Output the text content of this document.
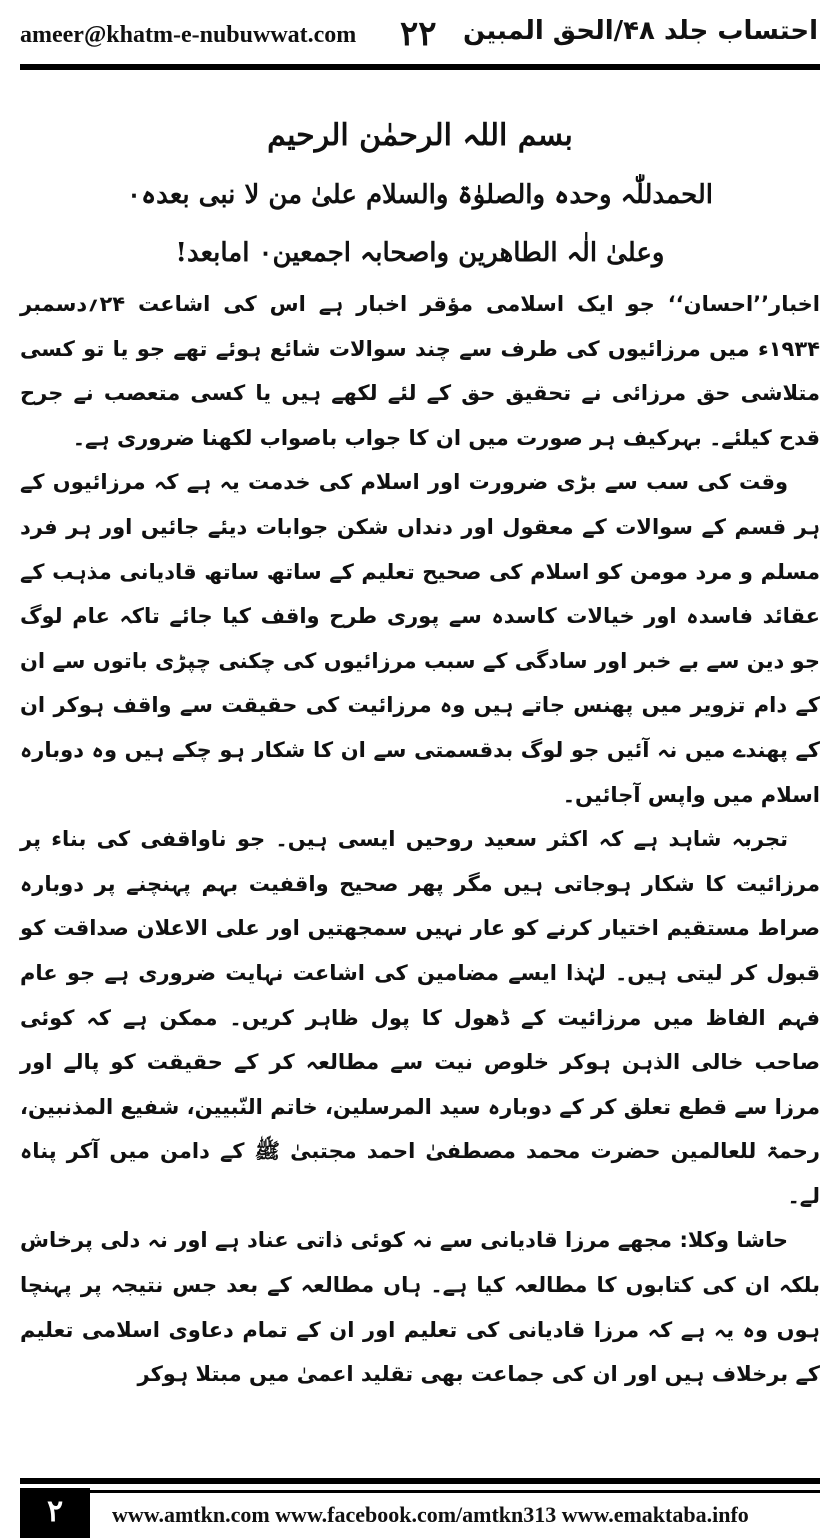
ameer@khatm-e-nubuwwat.com ۲۲ احتساب جلد ۴۸/الحق المبین
بسم اللہ الرحمٰن الرحیم
الحمدللّٰہ وحدہ والصلوٰۃ والسلام علیٰ من لا نبی بعدہ۰
وعلیٰ الٰہ الطاھرین واصحابہ اجمعین۰ امابعد!

اخبار’’احسان‘‘ جو ایک اسلامی مؤقر اخبار ہے اس کی اشاعت ۲۴؍دسمبر ۱۹۳۴ء میں مرزائیوں کی طرف سے چند سوالات شائع ہوئے تھے جو یا تو کسی متلاشی حق مرزائی نے تحقیق حق کے لئے لکھے ہیں یا کسی متعصب نے جرح قدح کیلئے۔ بہرکیف ہر صورت میں ان کا جواب باصواب لکھنا ضروری ہے۔

وقت کی سب سے بڑی ضرورت اور اسلام کی خدمت یہ ہے کہ مرزائیوں کے ہر قسم کے سوالات کے معقول اور دنداں شکن جوابات دیئے جائیں اور ہر فرد مسلم و مرد مومن کو اسلام کی صحیح تعلیم کے ساتھ ساتھ قادیانی مذہب کے عقائد فاسدہ اور خیالات کاسدہ سے پوری طرح واقف کیا جائے تاکہ عام لوگ جو دین سے بے خبر اور سادگی کے سبب مرزائیوں کی چکنی چپڑی باتوں سے ان کے دام تزویر میں پھنس جاتے ہیں وہ مرزائیت کی حقیقت سے واقف ہوکر ان کے پھندے میں نہ آئیں جو لوگ بدقسمتی سے ان کا شکار ہو چکے ہیں وہ دوبارہ اسلام میں واپس آجائیں۔

تجربہ شاہد ہے کہ اکثر سعید روحیں ایسی ہیں۔ جو ناواقفی کی بناء پر مرزائیت کا شکار ہوجاتی ہیں مگر پھر صحیح واقفیت بہم پہنچنے پر دوبارہ صراط مستقیم اختیار کرنے کو عار نہیں سمجھتیں اور علی الاعلان صداقت کو قبول کر لیتی ہیں۔ لہٰذا ایسے مضامین کی اشاعت نہایت ضروری ہے جو عام فہم الفاظ میں مرزائیت کے ڈھول کا پول ظاہر کریں۔ ممکن ہے کہ کوئی صاحب خالی الذہن ہوکر خلوص نیت سے مطالعہ کر کے حقیقت کو پالے اور مرزا سے قطع تعلق کر کے دوبارہ سید المرسلین، خاتم النّبیین، شفیع المذنبین، رحمۃ للعالمین حضرت محمد مصطفیٰ احمد مجتبیٰ ﷺ کے دامن میں آکر پناہ لے۔

حاشا وکلا: مجھے مرزا قادیانی سے نہ کوئی ذاتی عناد ہے اور نہ دلی پرخاش بلکہ ان کی کتابوں کا مطالعہ کیا ہے۔ ہاں مطالعہ کے بعد جس نتیجہ پر پہنچا ہوں وہ یہ ہے کہ مرزا قادیانی کی تعلیم اور ان کے تمام دعاوی اسلامی تعلیم کے برخلاف ہیں اور ان کی جماعت بھی تقلید اعمیٰ میں مبتلا ہوکر

۲	www.amtkn.com www.facebook.com/amtkn313 www.emaktaba.info
